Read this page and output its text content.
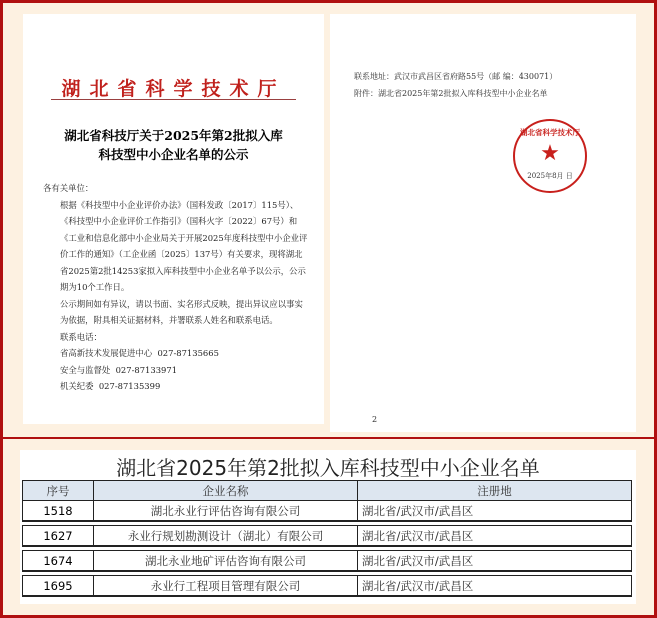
湖北省科学技术厅
湖北省科技厅关于2025年第2批拟入库
科技型中小企业名单的公示
各有关单位：
根据《科技型中小企业评价办法》（国科发政〔2017〕115号）、《科技型中小企业评价工作指引》（国科火字〔2022〕67号）和《工业和信息化部中小企业局关于开展2025年度科技型中小企业评价工作的通知》（工企业函〔2025〕137号）有关要求，现将湖北省2025第2批14253家拟入库科技型中小企业名单予以公示，公示期为10个工作日。
公示期间如有异议，请以书面、实名形式反映，提出异议应以事实为依据，附具相关证据材料，并署联系人姓名和联系电话。
联系电话：
省高新技术发展促进中心 027-87135665
安全与监督处 027-87133971
机关纪委 027-87135399
联系地址：武汉市武昌区省府路55号（邮 编：430071）
附件：湖北省2025年第2批拟入库科技型中小企业名单
湖北省科学技术厅
★
2025年8月 日
2
湖北省2025年第2批拟入库科技型中小企业名单
序号	企业名称	注册地
1518	湖北永业行评估咨询有限公司	湖北省/武汉市/武昌区

1627	永业行规划勘测设计（湖北）有限公司	湖北省/武汉市/武昌区

1674	湖北永业地矿评估咨询有限公司	湖北省/武汉市/武昌区

1695	永业行工程项目管理有限公司	湖北省/武汉市/武昌区
